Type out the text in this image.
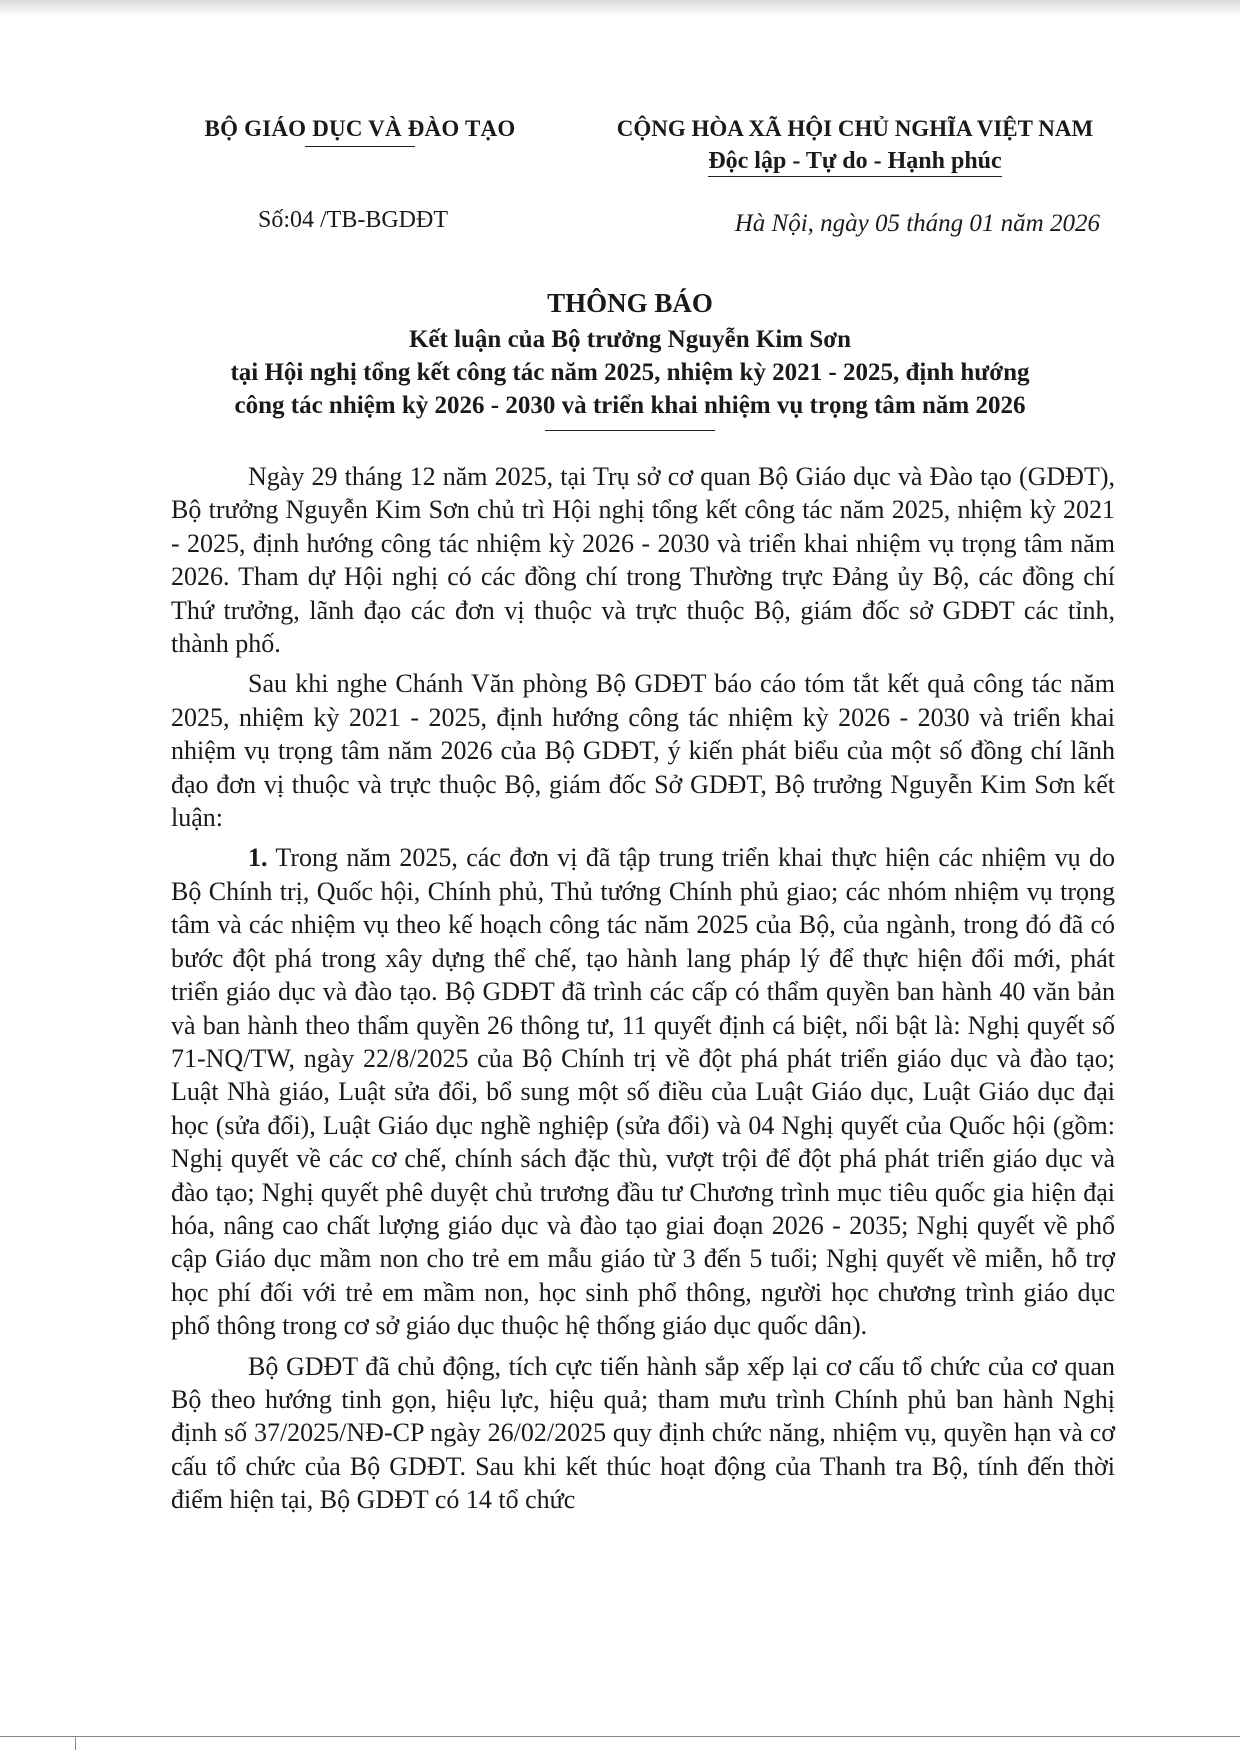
BỘ GIÁO DỤC VÀ ĐÀO TẠO	CỘNG HÒA XÃ HỘI CHỦ NGHĨA VIỆT NAM
Độc lập - Tự do - Hạnh phúc
Số:04 /TB-BGDĐT	Hà Nội, ngày 05 tháng 01 năm 2026
THÔNG BÁO
Kết luận của Bộ trưởng Nguyễn Kim Sơn
tại Hội nghị tổng kết công tác năm 2025, nhiệm kỳ 2021 - 2025, định hướng
công tác nhiệm kỳ 2026 - 2030 và triển khai nhiệm vụ trọng tâm năm 2026

Ngày 29 tháng 12 năm 2025, tại Trụ sở cơ quan Bộ Giáo dục và Đào tạo (GDĐT), Bộ trưởng Nguyễn Kim Sơn chủ trì Hội nghị tổng kết công tác năm 2025, nhiệm kỳ 2021 - 2025, định hướng công tác nhiệm kỳ 2026 - 2030 và triển khai nhiệm vụ trọng tâm năm 2026. Tham dự Hội nghị có các đồng chí trong Thường trực Đảng ủy Bộ, các đồng chí Thứ trưởng, lãnh đạo các đơn vị thuộc và trực thuộc Bộ, giám đốc sở GDĐT các tỉnh, thành phố.

Sau khi nghe Chánh Văn phòng Bộ GDĐT báo cáo tóm tắt kết quả công tác năm 2025, nhiệm kỳ 2021 - 2025, định hướng công tác nhiệm kỳ 2026 - 2030 và triển khai nhiệm vụ trọng tâm năm 2026 của Bộ GDĐT, ý kiến phát biểu của một số đồng chí lãnh đạo đơn vị thuộc và trực thuộc Bộ, giám đốc Sở GDĐT, Bộ trưởng Nguyễn Kim Sơn kết luận:

1. Trong năm 2025, các đơn vị đã tập trung triển khai thực hiện các nhiệm vụ do Bộ Chính trị, Quốc hội, Chính phủ, Thủ tướng Chính phủ giao; các nhóm nhiệm vụ trọng tâm và các nhiệm vụ theo kế hoạch công tác năm 2025 của Bộ, của ngành, trong đó đã có bước đột phá trong xây dựng thể chế, tạo hành lang pháp lý để thực hiện đổi mới, phát triển giáo dục và đào tạo. Bộ GDĐT đã trình các cấp có thẩm quyền ban hành 40 văn bản và ban hành theo thẩm quyền 26 thông tư, 11 quyết định cá biệt, nổi bật là: Nghị quyết số 71-NQ/TW, ngày 22/8/2025 của Bộ Chính trị về đột phá phát triển giáo dục và đào tạo; Luật Nhà giáo, Luật sửa đổi, bổ sung một số điều của Luật Giáo dục, Luật Giáo dục đại học (sửa đổi), Luật Giáo dục nghề nghiệp (sửa đổi) và 04 Nghị quyết của Quốc hội (gồm: Nghị quyết về các cơ chế, chính sách đặc thù, vượt trội để đột phá phát triển giáo dục và đào tạo; Nghị quyết phê duyệt chủ trương đầu tư Chương trình mục tiêu quốc gia hiện đại hóa, nâng cao chất lượng giáo dục và đào tạo giai đoạn 2026 - 2035; Nghị quyết về phổ cập Giáo dục mầm non cho trẻ em mẫu giáo từ 3 đến 5 tuổi; Nghị quyết về miễn, hỗ trợ học phí đối với trẻ em mầm non, học sinh phổ thông, người học chương trình giáo dục phổ thông trong cơ sở giáo dục thuộc hệ thống giáo dục quốc dân).

Bộ GDĐT đã chủ động, tích cực tiến hành sắp xếp lại cơ cấu tổ chức của cơ quan Bộ theo hướng tinh gọn, hiệu lực, hiệu quả; tham mưu trình Chính phủ ban hành Nghị định số 37/2025/NĐ-CP ngày 26/02/2025 quy định chức năng, nhiệm vụ, quyền hạn và cơ cấu tổ chức của Bộ GDĐT. Sau khi kết thúc hoạt động của Thanh tra Bộ, tính đến thời điểm hiện tại, Bộ GDĐT có 14 tổ chức
